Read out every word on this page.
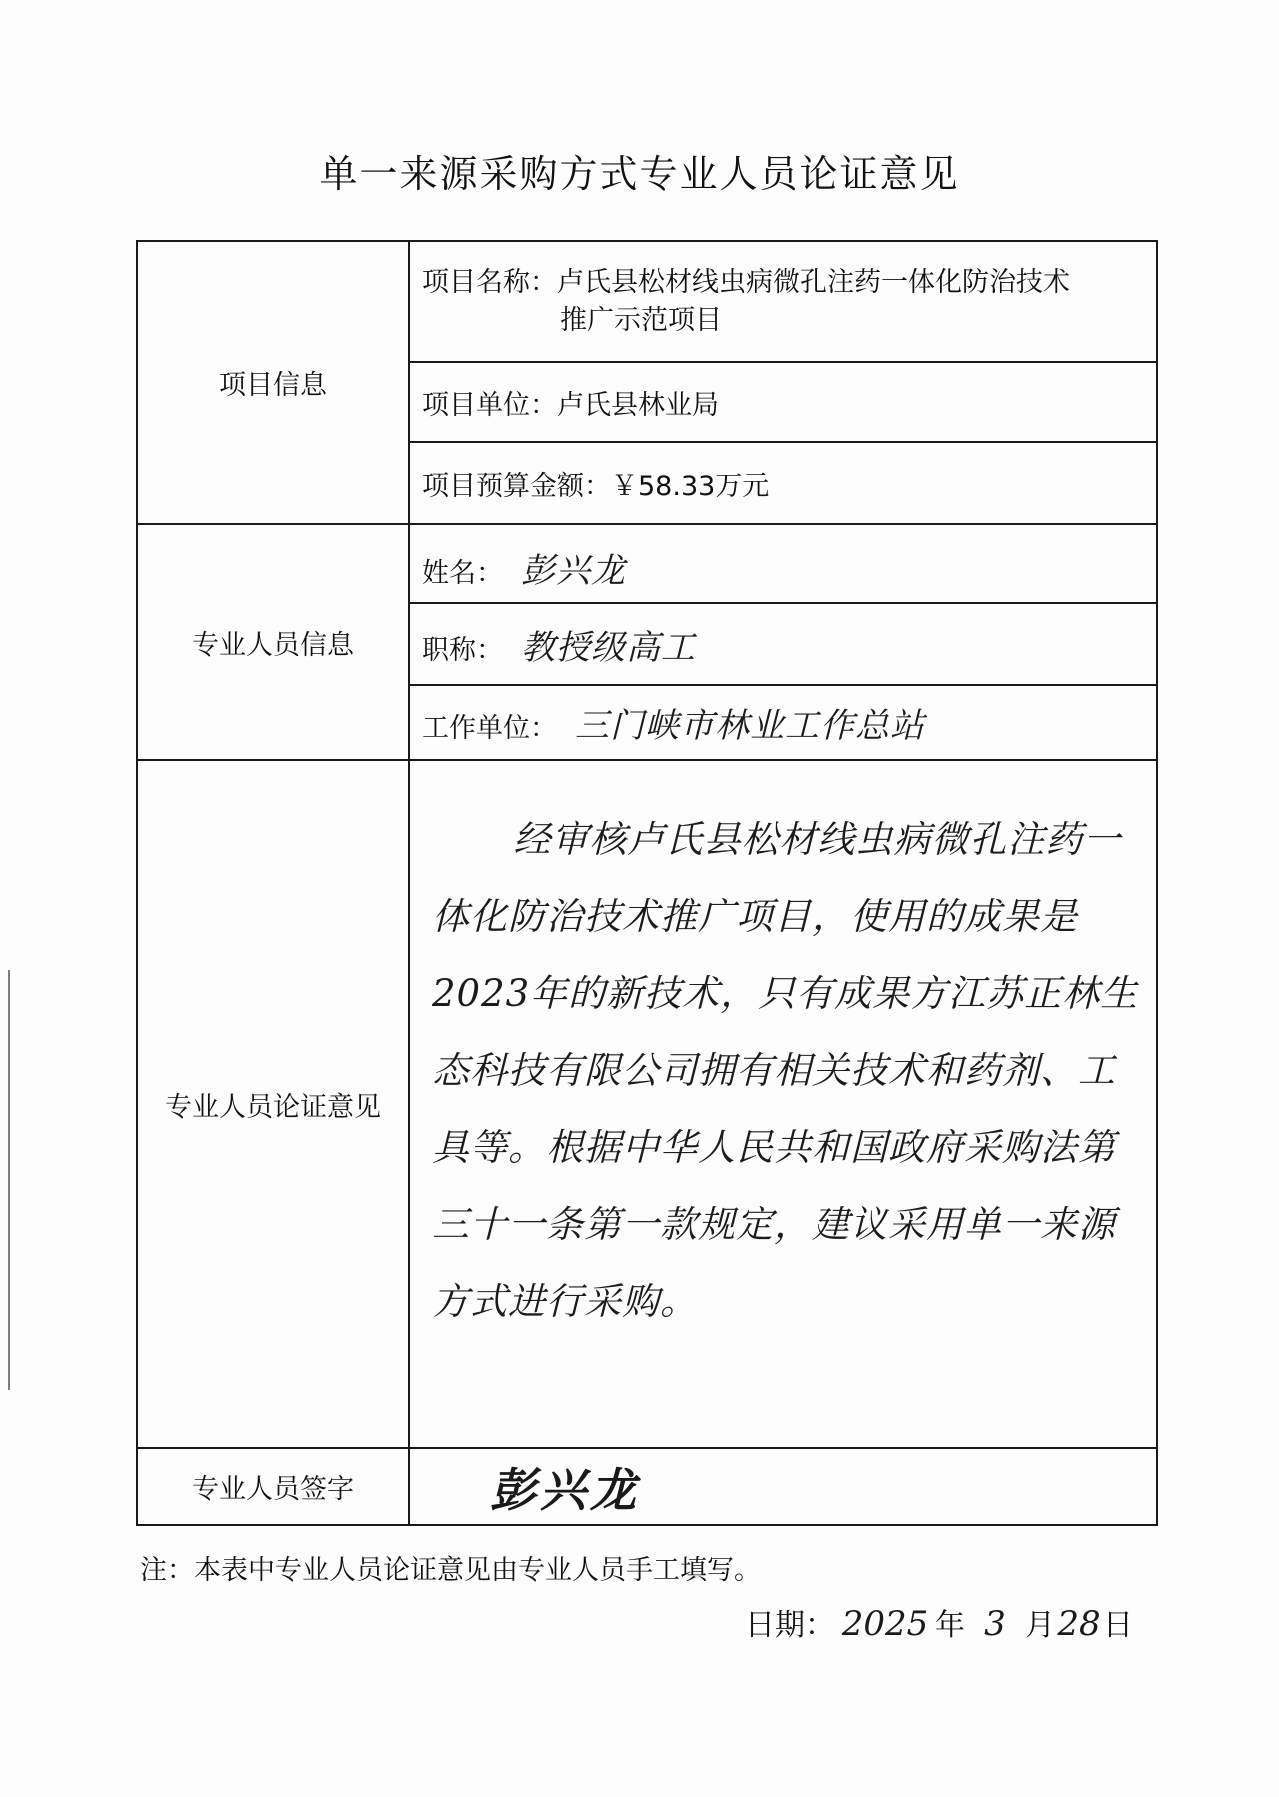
单一来源采购方式专业人员论证意见
项目信息	项目名称：卢氏县松材线虫病微孔注药一体化防治技术
推广示范项目

	项目单位：卢氏县林业局
	项目预算金额：￥58.33万元
专业人员信息	姓名： 彭兴龙
	职称： 教授级高工
	工作单位： 三门峡市林业工作总站
专业人员论证意见	经审核卢氏县松材线虫病微孔注药一体化防治技术推广项目，使用的成果是2023年的新技术，只有成果方江苏正林生态科技有限公司拥有相关技术和药剂、工具等。根据中华人民共和国政府采购法第三十一条第一款规定，建议采用单一来源方式进行采购。

专业人员签字	彭兴龙
注：本表中专业人员论证意见由专业人员手工填写。
日期： 2025 年 3 月28日
